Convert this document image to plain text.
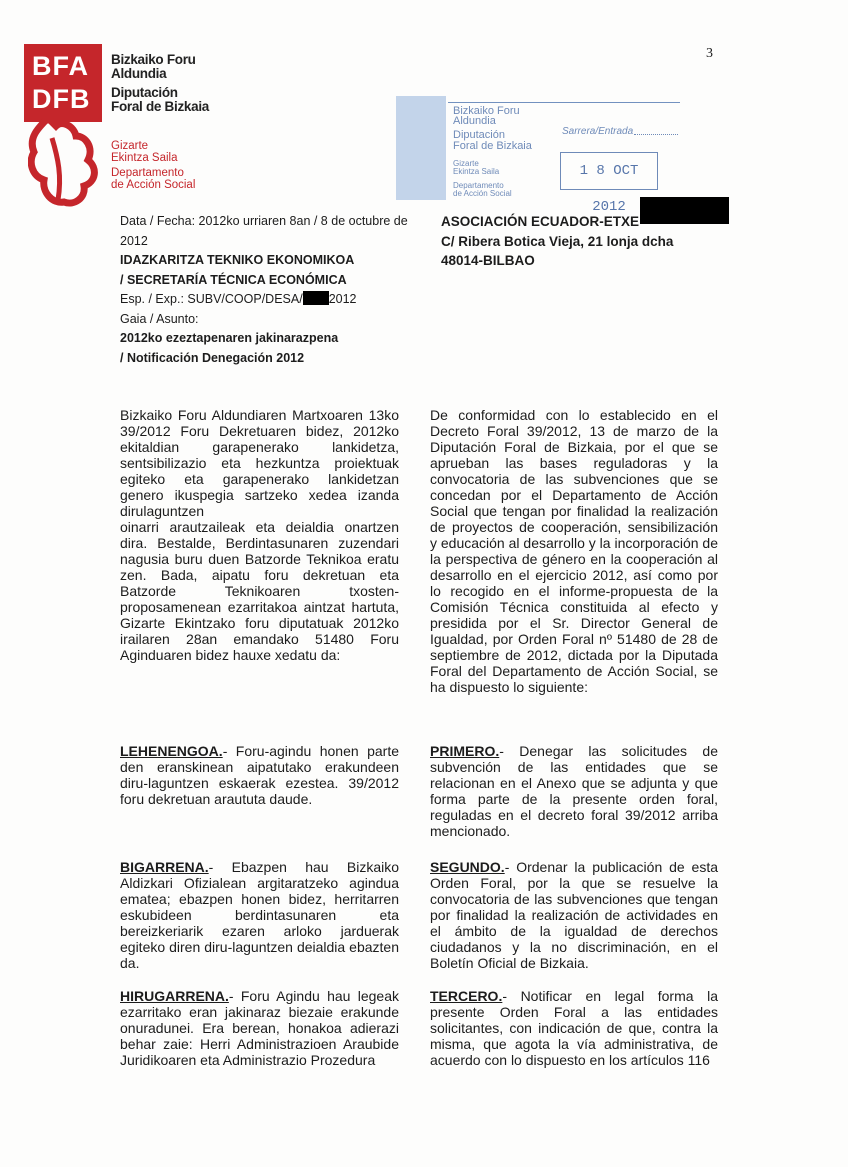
3
BFA
DFB
Bizkaiko Foru
Aldundia
Diputación
Foral de Bizkaia
Gizarte
Ekintza Saila
Departamento
de Acción Social
Bizkaiko Foru
Aldundia
Diputación
Foral de Bizkaia
Gizarte
Ekintza Saila
Departamento
de Acción Social
Sarrera/Entrada
1 8 OCT 2012
Data / Fecha: 2012ko urriaren 8an / 8 de octubre de
2012
IDAZKARITZA TEKNIKO EKONOMIKOA
/ SECRETARÍA TÉCNICA ECONÓMICA
Esp. / Exp.: SUBV/COOP/DESA/ 2012
Gaia / Asunto:
2012ko ezeztapenaren jakinarazpena
/ Notificación Denegación 2012
ASOCIACIÓN ECUADOR-ETXE
C/ Ribera Botica Vieja, 21 lonja dcha
48014-BILBAO
Bizkaiko Foru Aldundiaren Martxoaren 13ko 39/2012 Foru Dekretuaren bidez, 2012ko ekitaldian garapenerako lankidetza, sentsibilizazio eta hezkuntza proiektuak egiteko eta garapenerako lankidetzan genero ikuspegia sartzeko xedea izanda dirulaguntzen
oinarri arautzaileak eta deialdia onartzen dira. Bestalde, Berdintasunaren zuzendari nagusia buru duen Batzorde Teknikoa eratu zen. Bada, aipatu foru dekretuan eta Batzorde Teknikoaren txosten-proposamenean ezarritakoa aintzat hartuta, Gizarte Ekintzako foru diputatuak 2012ko irailaren 28an emandako 51480 Foru Aginduaren bidez hauxe xedatu da:
De conformidad con lo establecido en el Decreto Foral 39/2012, 13 de marzo de la Diputación Foral de Bizkaia, por el que se aprueban las bases reguladoras y la convocatoria de las subvenciones que se concedan por el Departamento de Acción Social que tengan por finalidad la realización de proyectos de cooperación, sensibilización y educación al desarrollo y la incorporación de la perspectiva de género en la cooperación al desarrollo en el ejercicio 2012, así como por lo recogido en el informe-propuesta de la Comisión Técnica constituida al efecto y presidida por el Sr. Director General de Igualdad, por Orden Foral nº 51480 de 28 de septiembre de 2012, dictada por la Diputada Foral del Departamento de Acción Social, se ha dispuesto lo siguiente:
LEHENENGOA.- Foru-agindu honen parte den eranskinean aipatutako erakundeen diru-laguntzen eskaerak ezestea. 39/2012 foru dekretuan araututa daude.
PRIMERO.- Denegar las solicitudes de subvención de las entidades que se relacionan en el Anexo que se adjunta y que forma parte de la presente orden foral, reguladas en el decreto foral 39/2012 arriba mencionado.
BIGARRENA.- Ebazpen hau Bizkaiko Aldizkari Ofizialean argitaratzeko agindua ematea; ebazpen honen bidez, herritarren eskubideen berdintasunaren eta bereizkeriarik ezaren arloko jarduerak egiteko diren diru-laguntzen deialdia ebazten da.
SEGUNDO.- Ordenar la publicación de esta Orden Foral, por la que se resuelve la convocatoria de las subvenciones que tengan por finalidad la realización de actividades en el ámbito de la igualdad de derechos ciudadanos y la no discriminación, en el Boletín Oficial de Bizkaia.
HIRUGARRENA.- Foru Agindu hau legeak ezarritako eran jakinaraz biezaie erakunde onuradunei. Era berean, honakoa adierazi behar zaie: Herri Administrazioen Araubide Juridikoaren eta Administrazio Prozedura
TERCERO.- Notificar en legal forma la presente Orden Foral a las entidades solicitantes, con indicación de que, contra la misma, que agota la vía administrativa, de acuerdo con lo dispuesto en los artículos 116
